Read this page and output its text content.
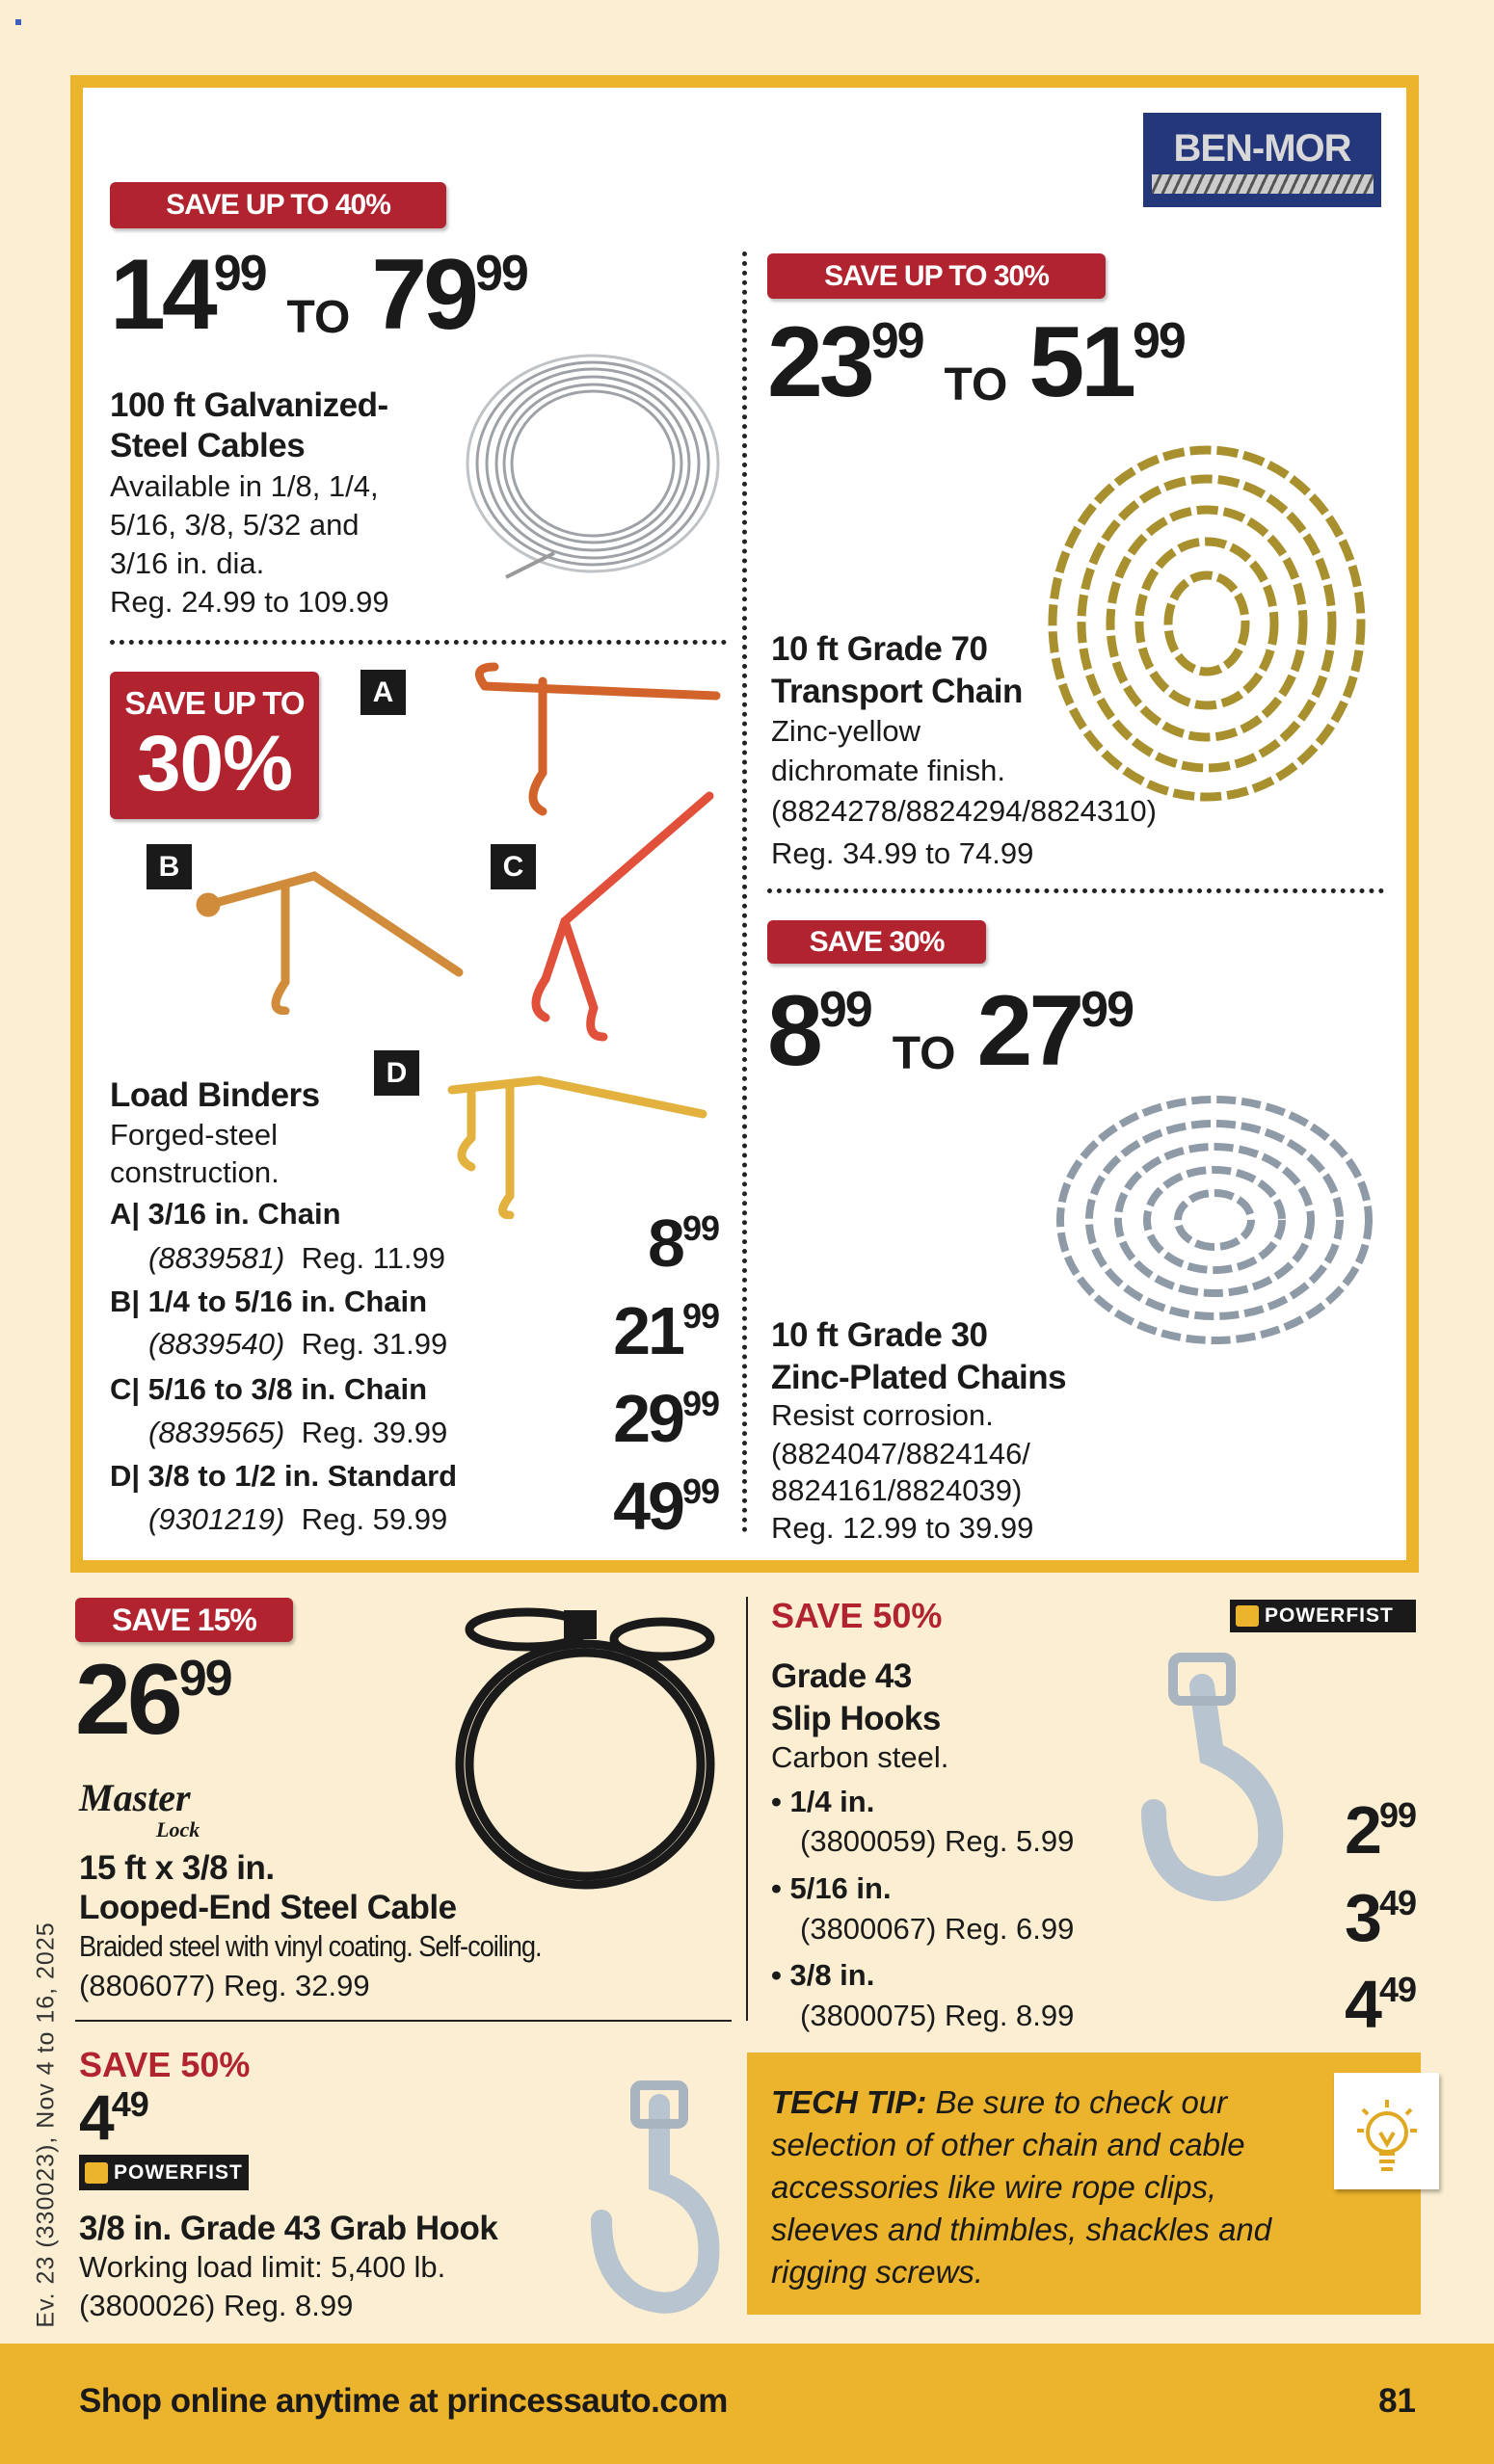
BEN-MOR
SAVE UP TO 40%
$14^{99}TO$ $79^{99}$
100 ft Galvanized-
Steel Cables
Available in 1/8, 1/4,
5/16, 3/8, 5/32 and
3/16 in. dia.
Reg. 24.99 to 109.99
SAVE UP TO
30%
A
B	C
D
Load Binders
Forged-steel
construction.
A| 3/16 in. Chain
(8839581) Reg. 11.99	$8^{99}$
B| 1/4 to 5/16 in. Chain
(8839540) Reg. 31.99 $21^{99}$
C| 5/16 to 3/8 in. Chain
(8839565) Reg. 39.99 $29^{99}$
D| 3/8 to 1/2 in. Standard
(9301219) Reg. 59.99 $49^{99}$
SAVE UP TO 30%
$23^{99}TO$ $51^{99}$
10 ft Grade 70
Transport Chain
Zinc-yellow
dichromate finish.
(8824278/8824294/8824310)
Reg. 34.99 to 74.99
SAVE 30%
$8^{99}TO$ $27^{99}$
10 ft Grade 30
Zinc-Plated Chains
Resist corrosion.
(8824047/8824146/
8824161/8824039)
Reg. 12.99 to 39.99
SAVE 15%
$26^{99}$
Master
Lock
15 ft x 3/8 in.
Looped-End Steel Cable
Braided steel with vinyl coating. Self-coiling.
(8806077) Reg. 32.99
SAVE 50%
$4^{49}$
POWERFIST
3/8 in. Grade 43 Grab Hook
Working load limit: 5,400 lb.
(3800026) Reg. 8.99
SAVE 50%	POWERFIST
Grade 43
Slip Hooks
Carbon steel.
• 1/4 in.
(3800059) Reg. 5.99	$2^{99}$
• 5/16 in.
(3800067) Reg. 6.99	$3^{49}$
• 3/8 in.
(3800075) Reg. 8.99	$4^{49}$
TECH TIP: Be sure to check our
selection of other chain and cable
accessories like wire rope clips,
sleeves and thimbles, shackles and
rigging screws.
Ev. 23 (330023), Nov 4 to 16, 2025
Shop online anytime at princessauto.com	81
